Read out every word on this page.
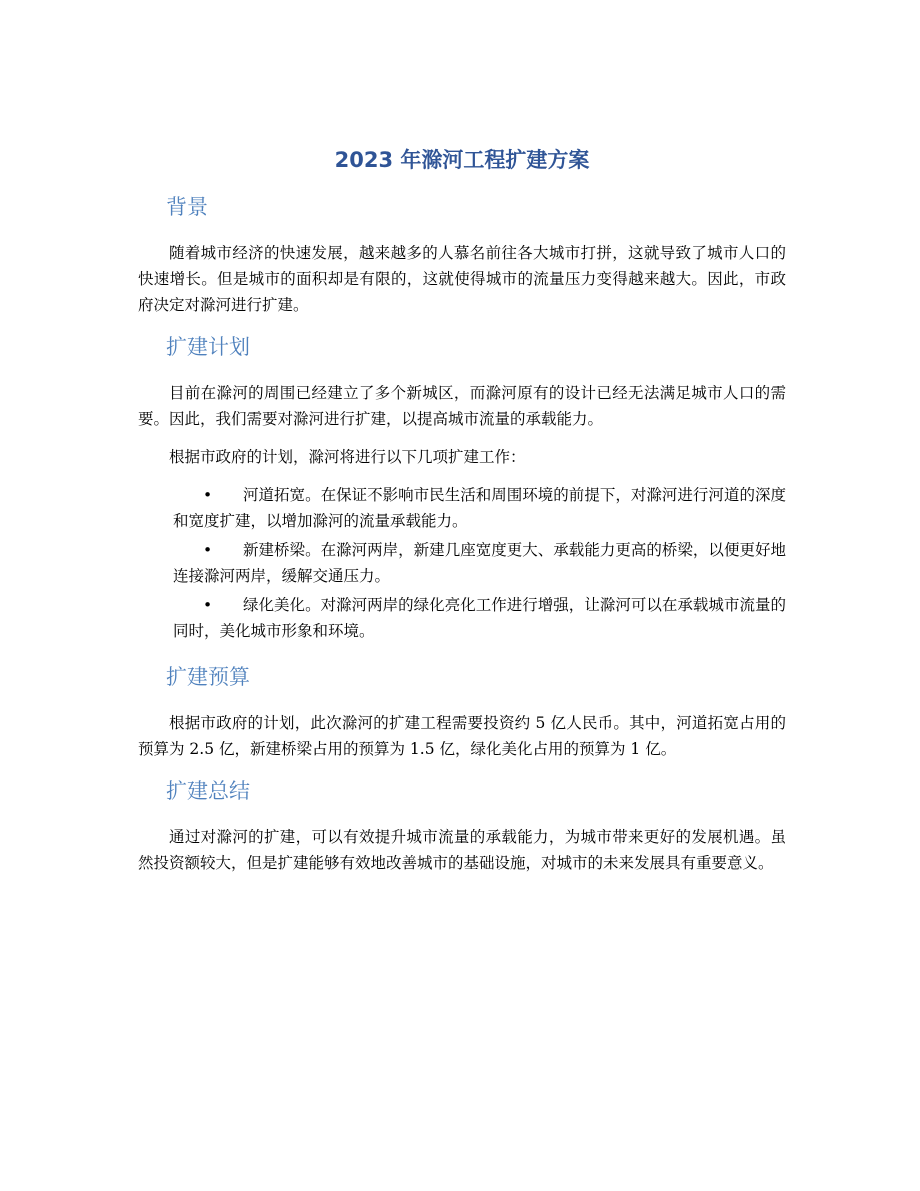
2023 年滁河工程扩建方案
背景

随着城市经济的快速发展，越来越多的人慕名前往各大城市打拼，这就导致了城市人口的快速增长。但是城市的面积却是有限的，这就使得城市的流量压力变得越来越大。因此，市政府决定对滁河进行扩建。

扩建计划

目前在滁河的周围已经建立了多个新城区，而滁河原有的设计已经无法满足城市人口的需要。因此，我们需要对滁河进行扩建，以提高城市流量的承载能力。

根据市政府的计划，滁河将进行以下几项扩建工作：

• 河道拓宽。在保证不影响市民生活和周围环境的前提下，对滁河进行河道的深度和宽度扩建，以增加滁河的流量承载能力。
• 新建桥梁。在滁河两岸，新建几座宽度更大、承载能力更高的桥梁，以便更好地连接滁河两岸，缓解交通压力。
• 绿化美化。对滁河两岸的绿化亮化工作进行增强，让滁河可以在承载城市流量的同时，美化城市形象和环境。
扩建预算

根据市政府的计划，此次滁河的扩建工程需要投资约 5 亿人民币。其中，河道拓宽占用的预算为 2.5 亿，新建桥梁占用的预算为 1.5 亿，绿化美化占用的预算为 1 亿。

扩建总结

通过对滁河的扩建，可以有效提升城市流量的承载能力，为城市带来更好的发展机遇。虽然投资额较大，但是扩建能够有效地改善城市的基础设施，对城市的未来发展具有重要意义。
